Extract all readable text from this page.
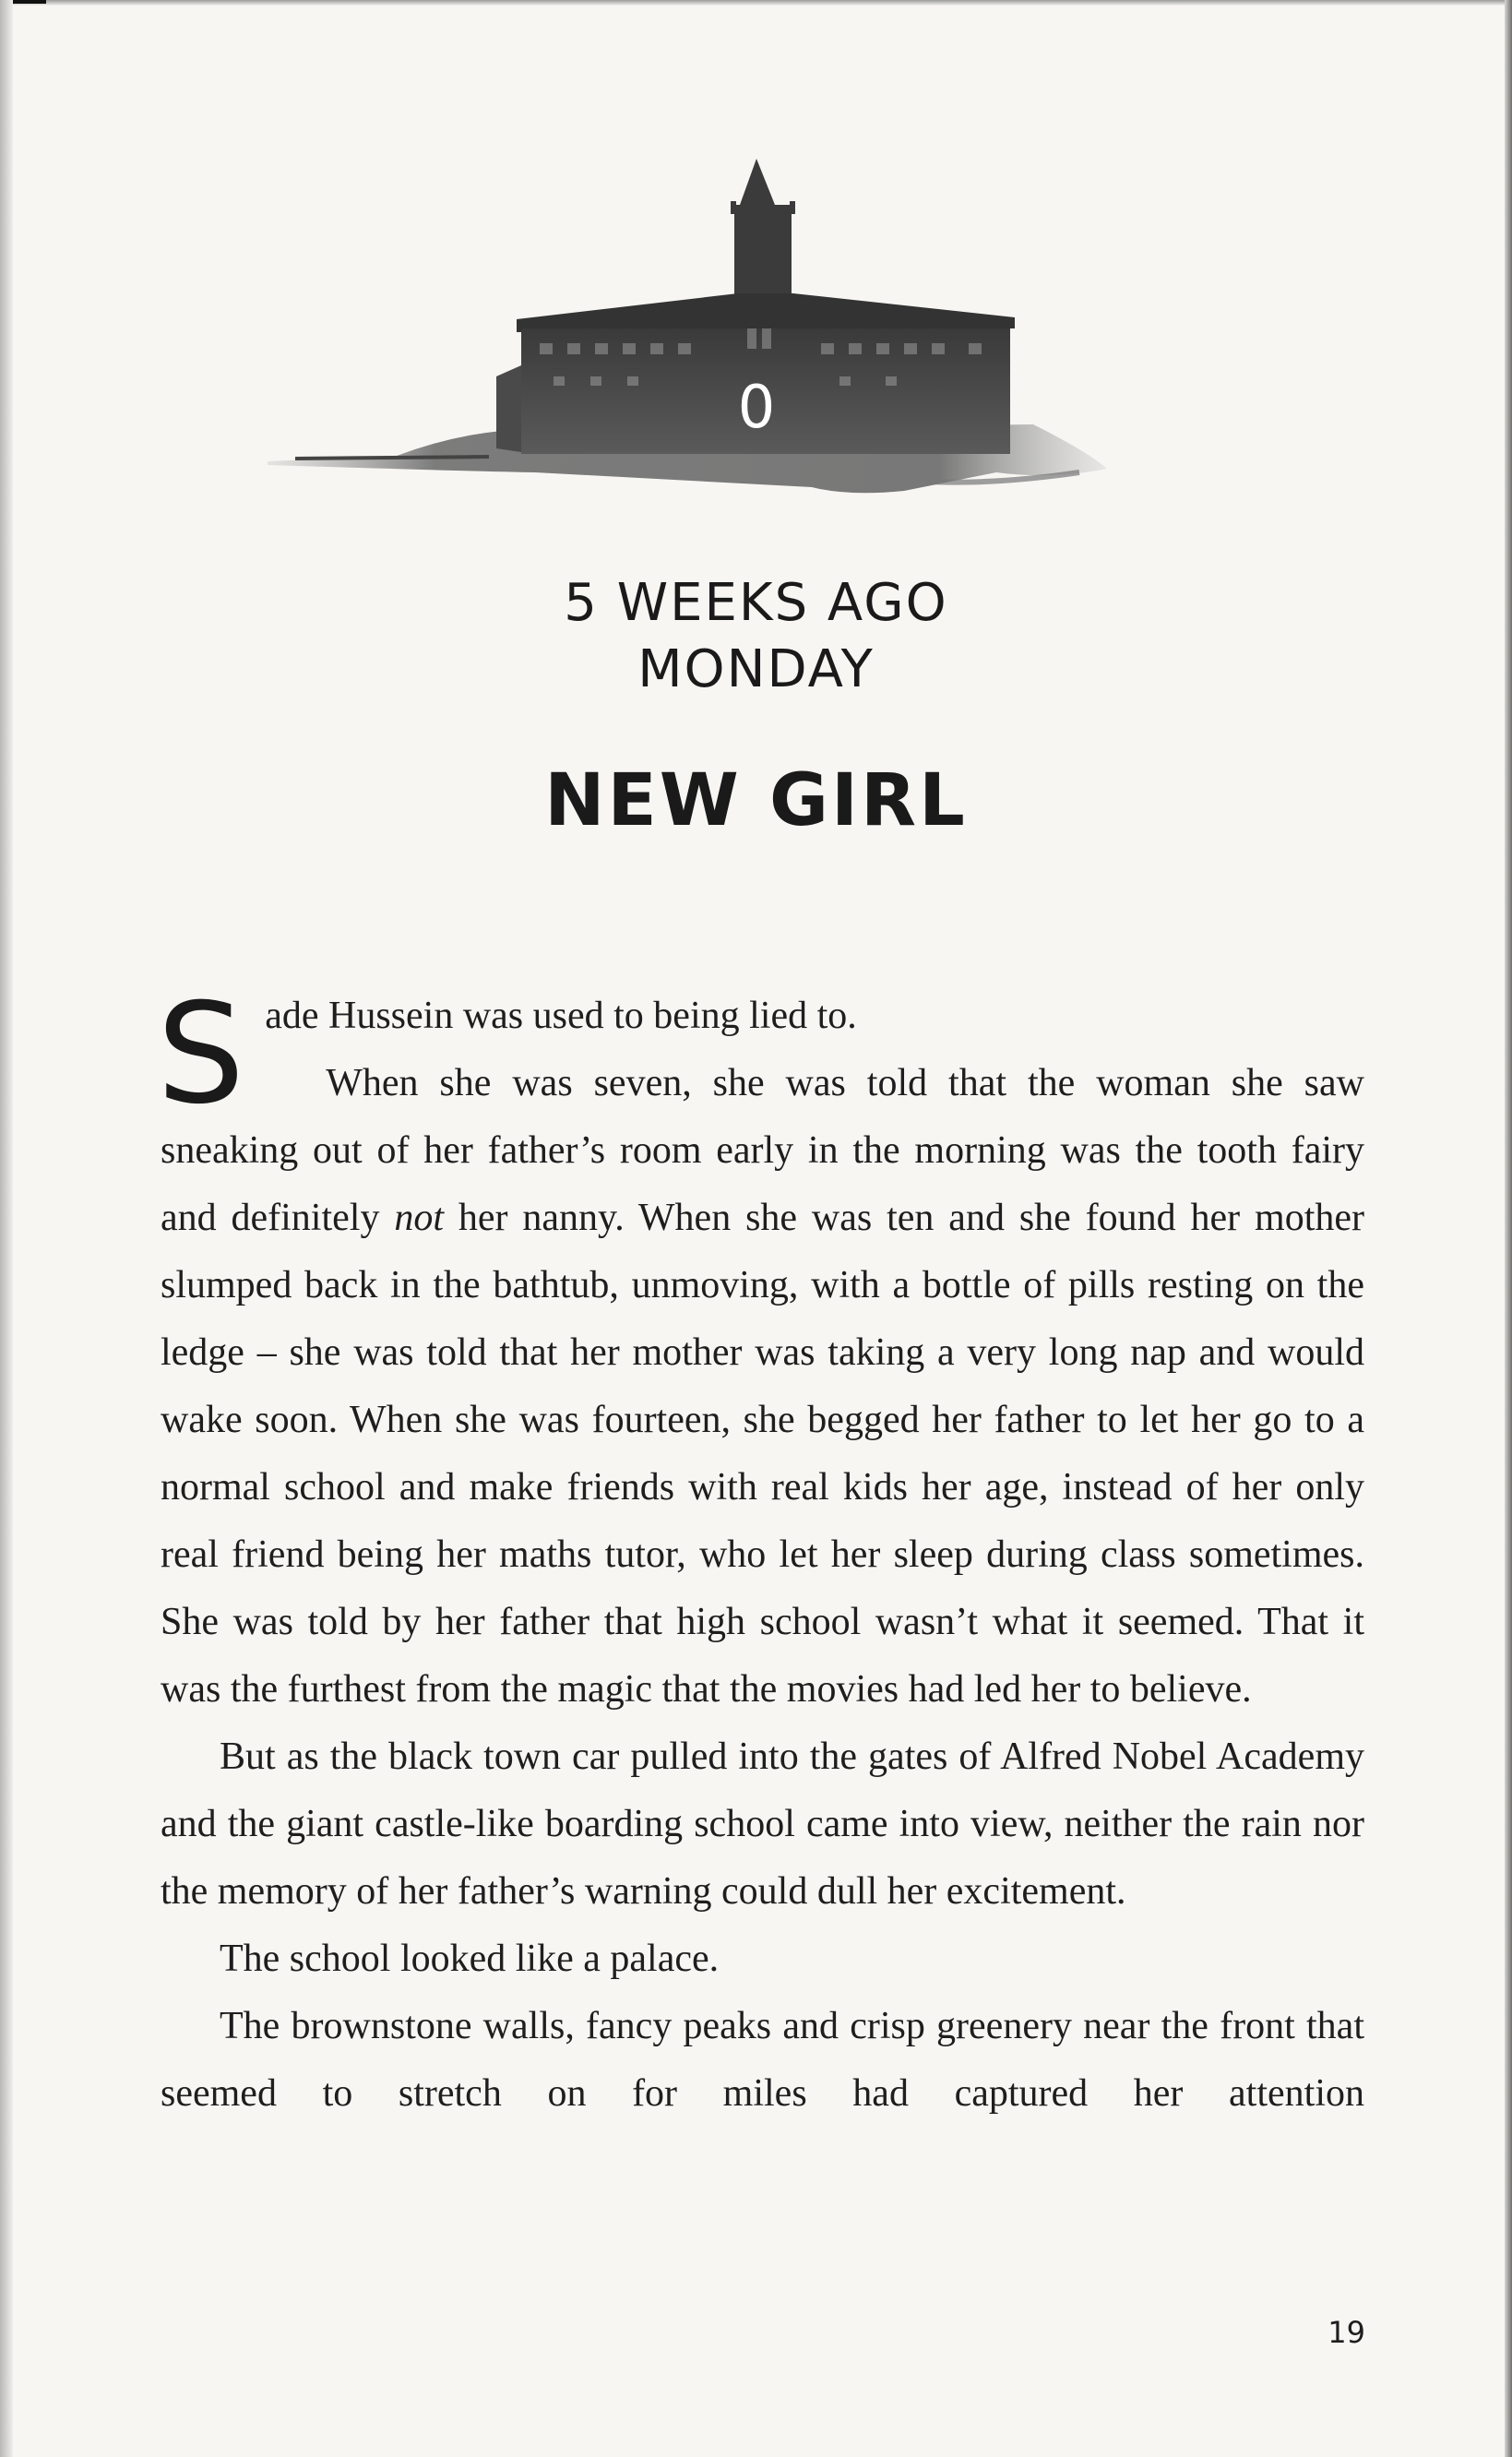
0
5 WEEKS AGO
MONDAY
NEW GIRL

Sade Hussein was used to being lied to.
When she was seven, she was told that the woman she saw sneaking out of her father’s room early in the morning was the tooth fairy and definitely not her nanny. When she was ten and she found her mother slumped back in the bathtub, unmoving, with a bottle of pills resting on the ledge – she was told that her mother was taking a very long nap and would wake soon. When she was fourteen, she begged her father to let her go to a normal school and make friends with real kids her age, instead of her only real friend being her maths tutor, who let her sleep during class sometimes. She was told by her father that high school wasn’t what it seemed. That it was the furthest from the magic that the movies had led her to believe.

But as the black town car pulled into the gates of Alfred Nobel Academy and the giant castle-like boarding school came into view, neither the rain nor the memory of her father’s warning could dull her excitement.

The school looked like a palace.

The brownstone walls, fancy peaks and crisp greenery near the front that seemed to stretch on for miles had captured her attention

19
